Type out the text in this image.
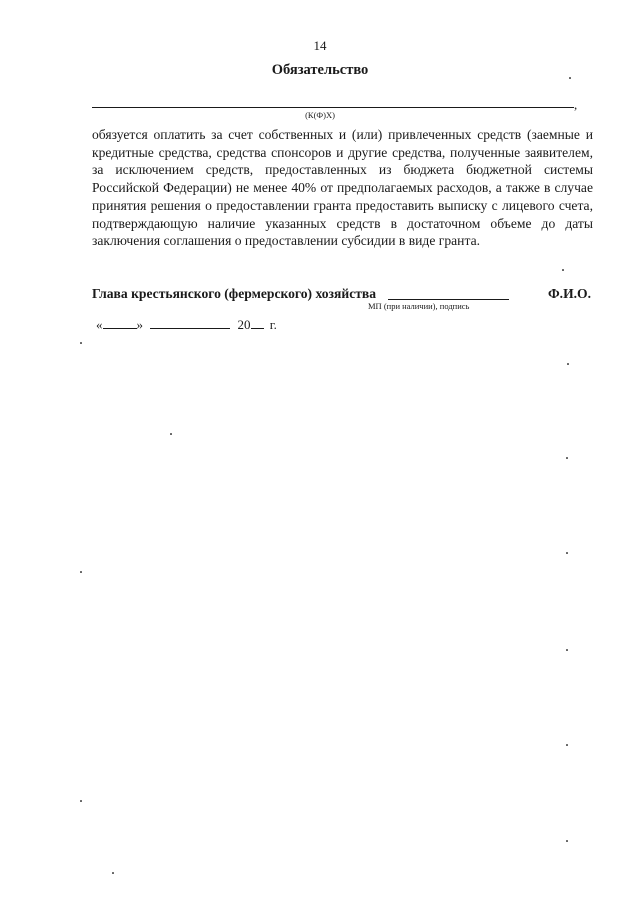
14
Обязательство
,
(К(Ф)Х)
обязуется оплатить за счет собственных и (или) привлеченных средств (заемные и
кредитные средства, средства спонсоров и другие средства, полученные заявителем,
за исключением средств, предоставленных из бюджета бюджетной системы
Российской Федерации) не менее 40% от предполагаемых расходов, а также в случае
принятия решения о предоставлении гранта предоставить выписку с лицевого счета,
подтверждающую наличие указанных средств в достаточном объеме до даты
заключения соглашения о предоставлении субсидии в виде гранта.
Глава крестьянского (фермерского) хозяйства	Ф.И.О.
МП (при наличии), подпись
«	»	20 г.
